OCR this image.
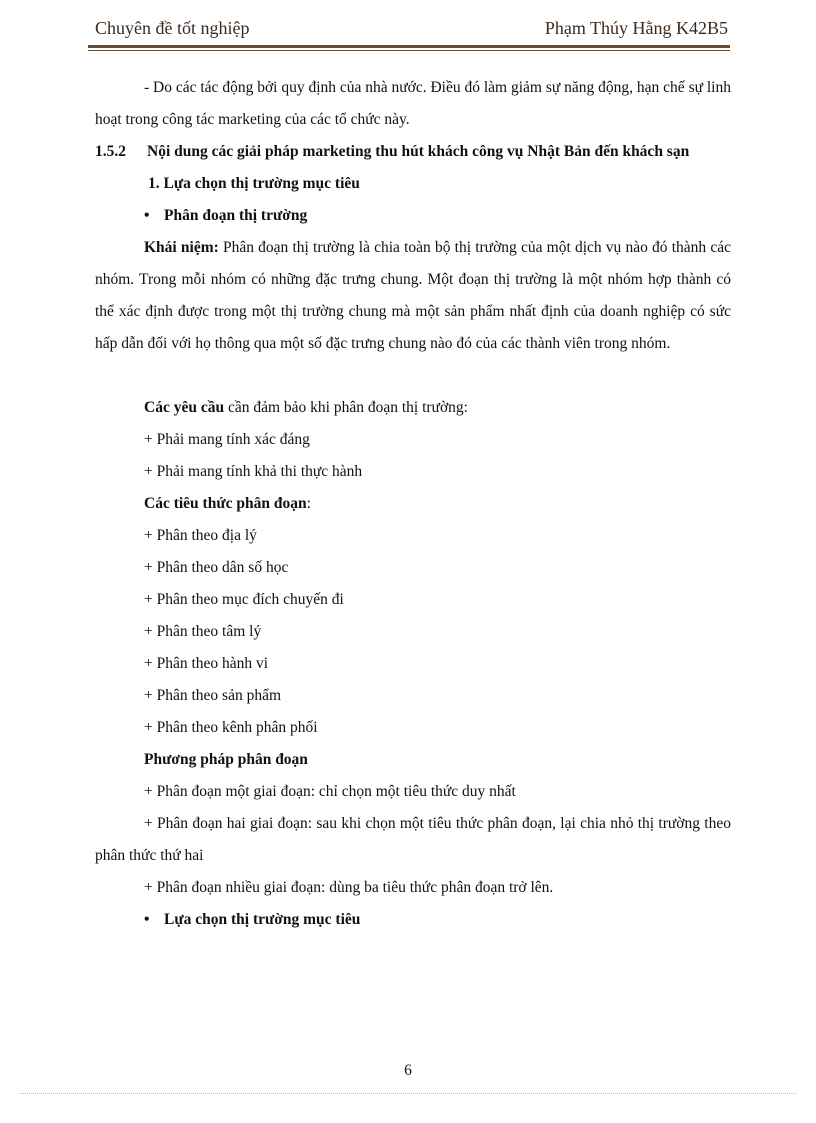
Chuyên đề tốt nghiệp	Phạm Thúy Hằng K42B5

- Do các tác động bởi quy định của nhà nước. Điều đó làm giảm sự năng động, hạn chế sự linh hoạt trong công tác marketing của các tổ chức này.

1.5.2	Nội dung các giải pháp marketing thu hút khách công vụ Nhật Bản đến khách sạn

1. Lựa chọn thị trường mục tiêu

• Phân đoạn thị trường

Khái niệm: Phân đoạn thị trường là chia toàn bộ thị trường của một dịch vụ nào đó thành các nhóm. Trong mỗi nhóm có những đặc trưng chung. Một đoạn thị trường là một nhóm hợp thành có thể xác định được trong một thị trường chung mà một sản phẩm nhất định của doanh nghiệp có sức hấp dẫn đối với họ thông qua một số đặc trưng chung nào đó của các thành viên trong nhóm.

Các yêu cầu cần đảm bảo khi phân đoạn thị trường:

+ Phải mang tính xác đáng

+ Phải mang tính khả thi thực hành

Các tiêu thức phân đoạn:

+ Phân theo địa lý

+ Phân theo dân số học

+ Phân theo mục đích chuyến đi

+ Phân theo tâm lý

+ Phân theo hành vi

+ Phân theo sản phẩm

+ Phân theo kênh phân phối

Phương pháp phân đoạn

+ Phân đoạn một giai đoạn: chỉ chọn một tiêu thức duy nhất

+ Phân đoạn hai giai đoạn: sau khi chọn một tiêu thức phân đoạn, lại chia nhỏ thị trường theo phân thức thứ hai

+ Phân đoạn nhiều giai đoạn: dùng ba tiêu thức phân đoạn trở lên.

• Lựa chọn thị trường mục tiêu

6
